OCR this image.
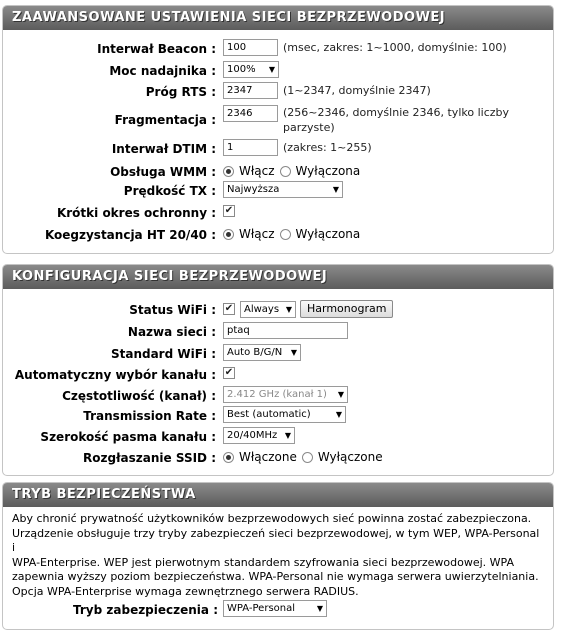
ZAAWANSOWANE USTAWIENIA SIECI BEZPRZEWODOWEJ
Interwał Beacon :	100	(msec, zakres: 1~1000, domyślnie: 100)
Moc nadajnika :	100% ▼
Próg RTS :	2347	(1~2347, domyślnie 2347)
Fragmentacja :	2346	(256~2346, domyślnie 2346, tylko liczby
parzyste)
Interwał DTIM :	1	(zakres: 1~255)
Obsługa WMM : Włącz Wyłączona
Prędkość TX :	Najwyższa	▼
Krótki okres ochronny : ✔
Koegzystancja HT 20/40 : Włącz Wyłączona
KONFIGURACJA SIECI BEZPRZEWODOWEJ
Status WiFi : ✔	Always ▼	Harmonogram
Nazwa sieci :	ptaq
Standard WiFi :	Auto B/G/N ▼
Automatyczny wybór kanału : ✔
Częstotliwość (kanał) :	2.412 GHz (kanał 1) ▼
Transmission Rate :	Best (automatic)	▼
Szerokość pasma kanału :	20/40MHz ▼
Rozgłaszanie SSID : Włączone Wyłączone
TRYB BEZPIECZEŃSTWA
Aby chronić prywatność użytkowników bezprzewodowych sieć powinna zostać zabezpieczona.
Urządzenie obsługuje trzy tryby zabezpieczeń sieci bezprzewodowej, w tym WEP, WPA-Personal i
WPA-Enterprise. WEP jest pierwotnym standardem szyfrowania sieci bezprzewodowej. WPA
zapewnia wyższy poziom bezpieczeństwa. WPA-Personal nie wymaga serwera uwierzytelniania.
Opcja WPA-Enterprise wymaga zewnętrznego serwera RADIUS.
Tryb zabezpieczenia : WPA-Personal	▼
